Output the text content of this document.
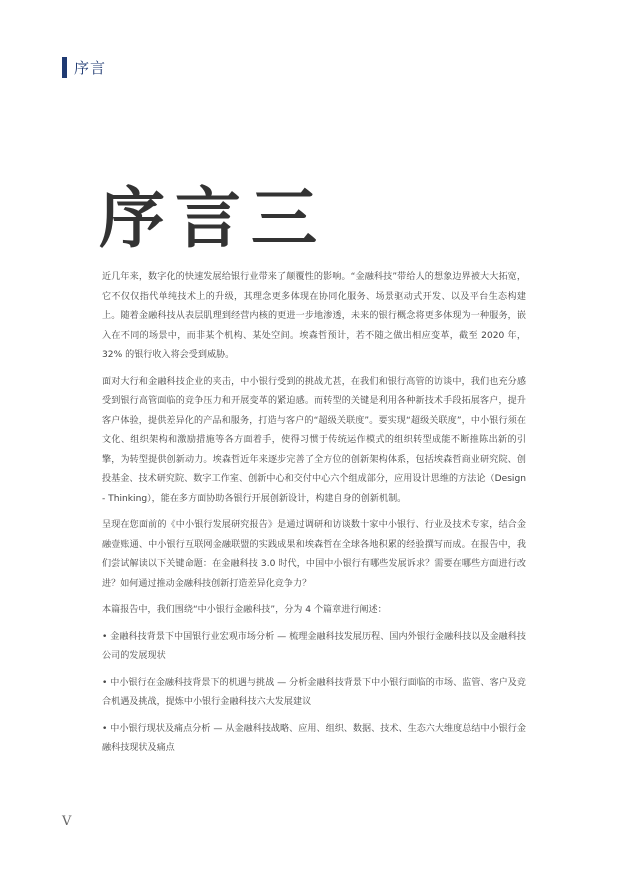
序言
序言三

近几年来，数字化的快速发展给银行业带来了颠覆性的影响。“金融科技”带给人的想象边界被大大拓宽，它不仅仅指代单纯技术上的升级，其理念更多体现在协同化服务、场景驱动式开发、以及平台生态构建上。随着金融科技从表层肌理到经营内核的更进一步地渗透，未来的银行概念将更多体现为一种服务，嵌入在不同的场景中，而非某个机构、某处空间。埃森哲预计，若不随之做出相应变革，截至 2020 年，32% 的银行收入将会受到威胁。

面对大行和金融科技企业的夹击，中小银行受到的挑战尤甚，在我们和银行高管的访谈中，我们也充分感受到银行高管面临的竞争压力和开展变革的紧迫感。而转型的关键是利用各种新技术手段拓展客户，提升客户体验，提供差异化的产品和服务，打造与客户的“超级关联度”。要实现“超级关联度”，中小银行须在文化、组织架构和激励措施等各方面着手，使得习惯于传统运作模式的组织转型成能不断推陈出新的引擎，为转型提供创新动力。埃森哲近年来逐步完善了全方位的创新架构体系，包括埃森哲商业研究院、创投基金、技术研究院、数字工作室、创新中心和交付中心六个组成部分，应用设计思维的方法论（Design - Thinking），能在多方面协助各银行开展创新设计，构建自身的创新机制。

呈现在您面前的《中小银行发展研究报告》是通过调研和访谈数十家中小银行、行业及技术专家，结合金融壹账通、中小银行互联网金融联盟的实践成果和埃森哲在全球各地积累的经验撰写而成。在报告中，我们尝试解读以下关键命题：在金融科技 3.0 时代，中国中小银行有哪些发展诉求？需要在哪些方面进行改进？如何通过推动金融科技创新打造差异化竞争力？

本篇报告中，我们围绕“中小银行金融科技”，分为 4 个篇章进行阐述：

• 金融科技背景下中国银行业宏观市场分析 — 梳理金融科技发展历程、国内外银行金融科技以及金融科技公司的发展现状

• 中小银行在金融科技背景下的机遇与挑战 — 分析金融科技背景下中小银行面临的市场、监管、客户及竞合机遇及挑战，提炼中小银行金融科技六大发展建议

• 中小银行现状及痛点分析 — 从金融科技战略、应用、组织、数据、技术、生态六大维度总结中小银行金融科技现状及痛点

V
